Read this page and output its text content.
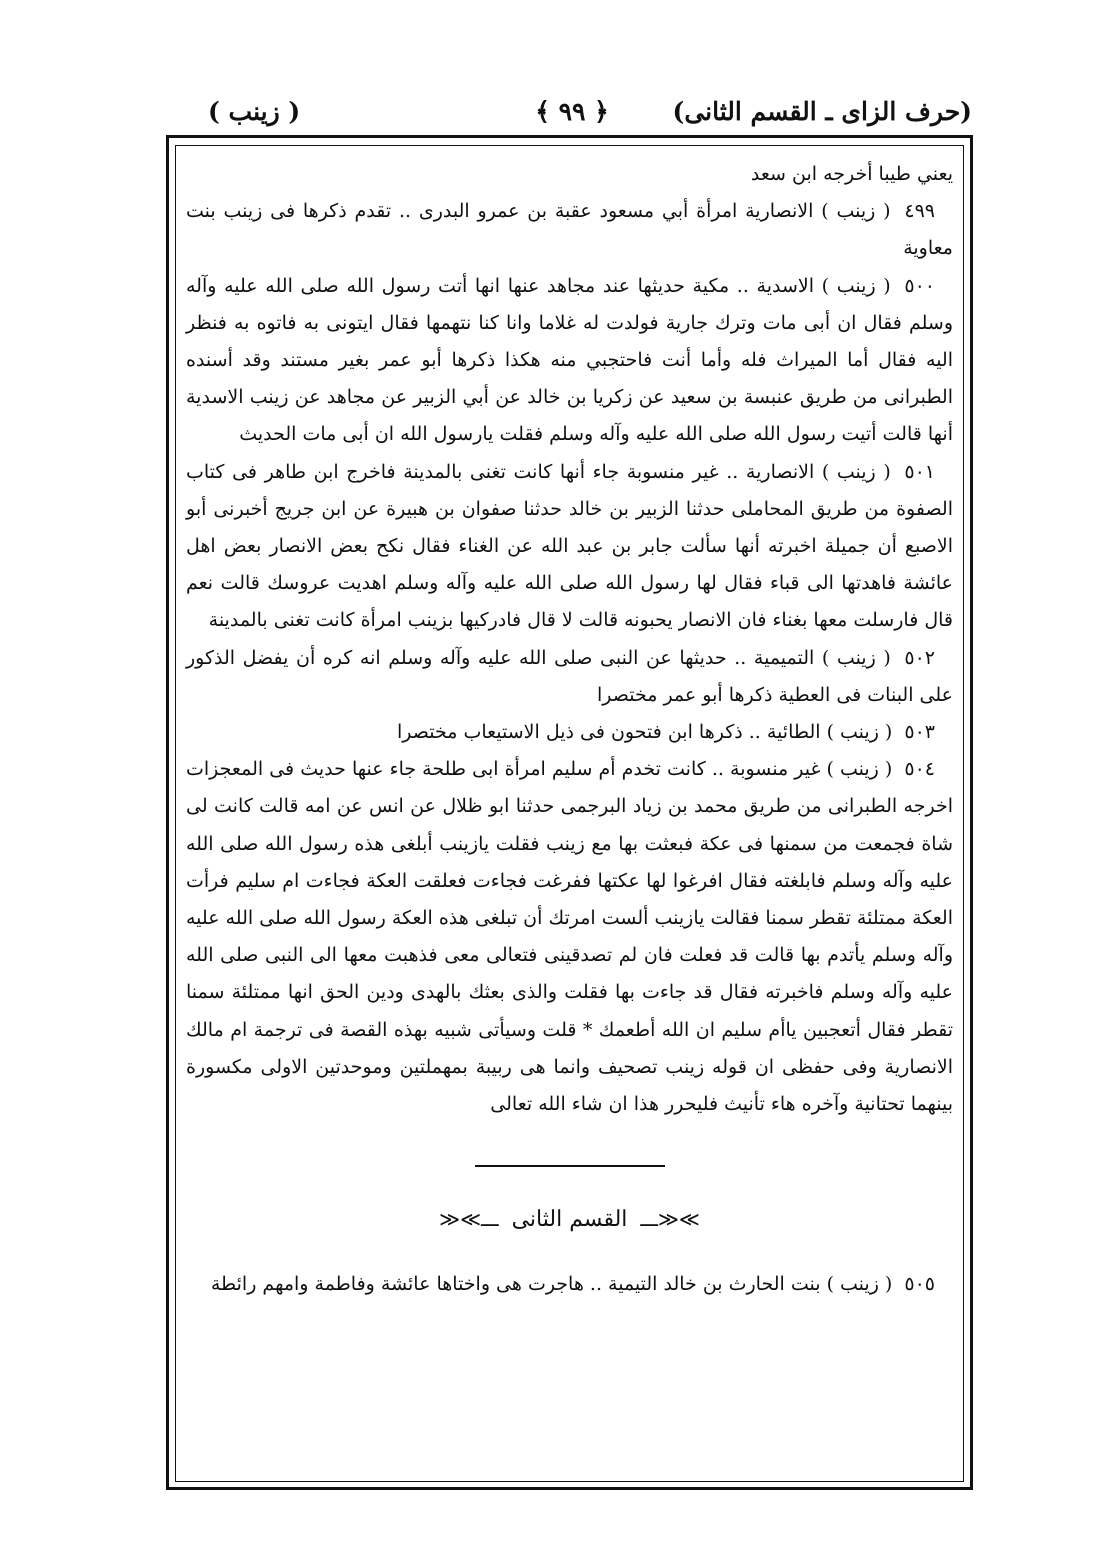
(حرف الزاى ـ القسم الثانى)
﴿ ٩٩ ﴾
( زينب )

يعني طيبا أخرجه ابن سعد

٤٩٩ ( زينب ) الانصارية امرأة أبي مسعود عقبة بن عمرو البدرى .. تقدم ذكرها فى زينب بنت معاوية

٥٠٠ ( زينب ) الاسدية .. مكية حديثها عند مجاهد عنها انها أتت رسول الله صلى الله عليه وآله وسلم فقال ان أبى مات وترك جارية فولدت له غلاما وانا كنا نتهمها فقال ايتونى به فاتوه به فنظر اليه فقال أما الميراث فله وأما أنت فاحتجبي منه هكذا ذكرها أبو عمر بغير مستند وقد أسنده الطبرانى من طريق عنبسة بن سعيد عن زكريا بن خالد عن أبي الزبير عن مجاهد عن زينب الاسدية أنها قالت أتيت رسول الله صلى الله عليه وآله وسلم فقلت يارسول الله ان أبى مات الحديث

٥٠١ ( زينب ) الانصارية .. غير منسوبة جاء أنها كانت تغنى بالمدينة فاخرج ابن طاهر فى كتاب الصفوة من طريق المحاملى حدثنا الزبير بن خالد حدثنا صفوان بن هبيرة عن ابن جريج أخبرنى أبو الاصبع أن جميلة اخبرته أنها سألت جابر بن عبد الله عن الغناء فقال نكح بعض الانصار بعض اهل عائشة فاهدتها الى قباء فقال لها رسول الله صلى الله عليه وآله وسلم اهديت عروسك قالت نعم قال فارسلت معها بغناء فان الانصار يحبونه قالت لا قال فادركيها بزينب امرأة كانت تغنى بالمدينة

٥٠٢ ( زينب ) التميمية .. حديثها عن النبى صلى الله عليه وآله وسلم انه كره أن يفضل الذكور على البنات فى العطية ذكرها أبو عمر مختصرا

٥٠٣ ( زينب ) الطائية .. ذكرها ابن فتحون فى ذيل الاستيعاب مختصرا

٥٠٤ ( زينب ) غير منسوبة .. كانت تخدم أم سليم امرأة ابى طلحة جاء عنها حديث فى المعجزات اخرجه الطبرانى من طريق محمد بن زياد البرجمى حدثنا ابو ظلال عن انس عن امه قالت كانت لى شاة فجمعت من سمنها فى عكة فبعثت بها مع زينب فقلت يازينب أبلغى هذه رسول الله صلى الله عليه وآله وسلم فابلغته فقال افرغوا لها عكتها ففرغت فجاءت فعلقت العكة فجاءت ام سليم فرأت العكة ممتلئة تقطر سمنا فقالت يازينب ألست امرتك أن تبلغى هذه العكة رسول الله صلى الله عليه وآله وسلم يأتدم بها قالت قد فعلت فان لم تصدقينى فتعالى معى فذهبت معها الى النبى صلى الله عليه وآله وسلم فاخبرته فقال قد جاءت بها فقلت والذى بعثك بالهدى ودين الحق انها ممتلئة سمنا تقطر فقال أتعجبين ياأم سليم ان الله أطعمك * قلت وسيأتى شبيه بهذه القصة فى ترجمة ام مالك الانصارية وفى حفظى ان قوله زينب تصحيف وانما هى ربيبة بمهملتين وموحدتين الاولى مكسورة بينهما تحتانية وآخره هاء تأنيث فليحرر هذا ان شاء الله تعالى

≫≪ـــ القسم الثانى ـــ≫≪

٥٠٥ ( زينب ) بنت الحارث بن خالد التيمية .. هاجرت هى واختاها عائشة وفاطمة وامهم رائطة
